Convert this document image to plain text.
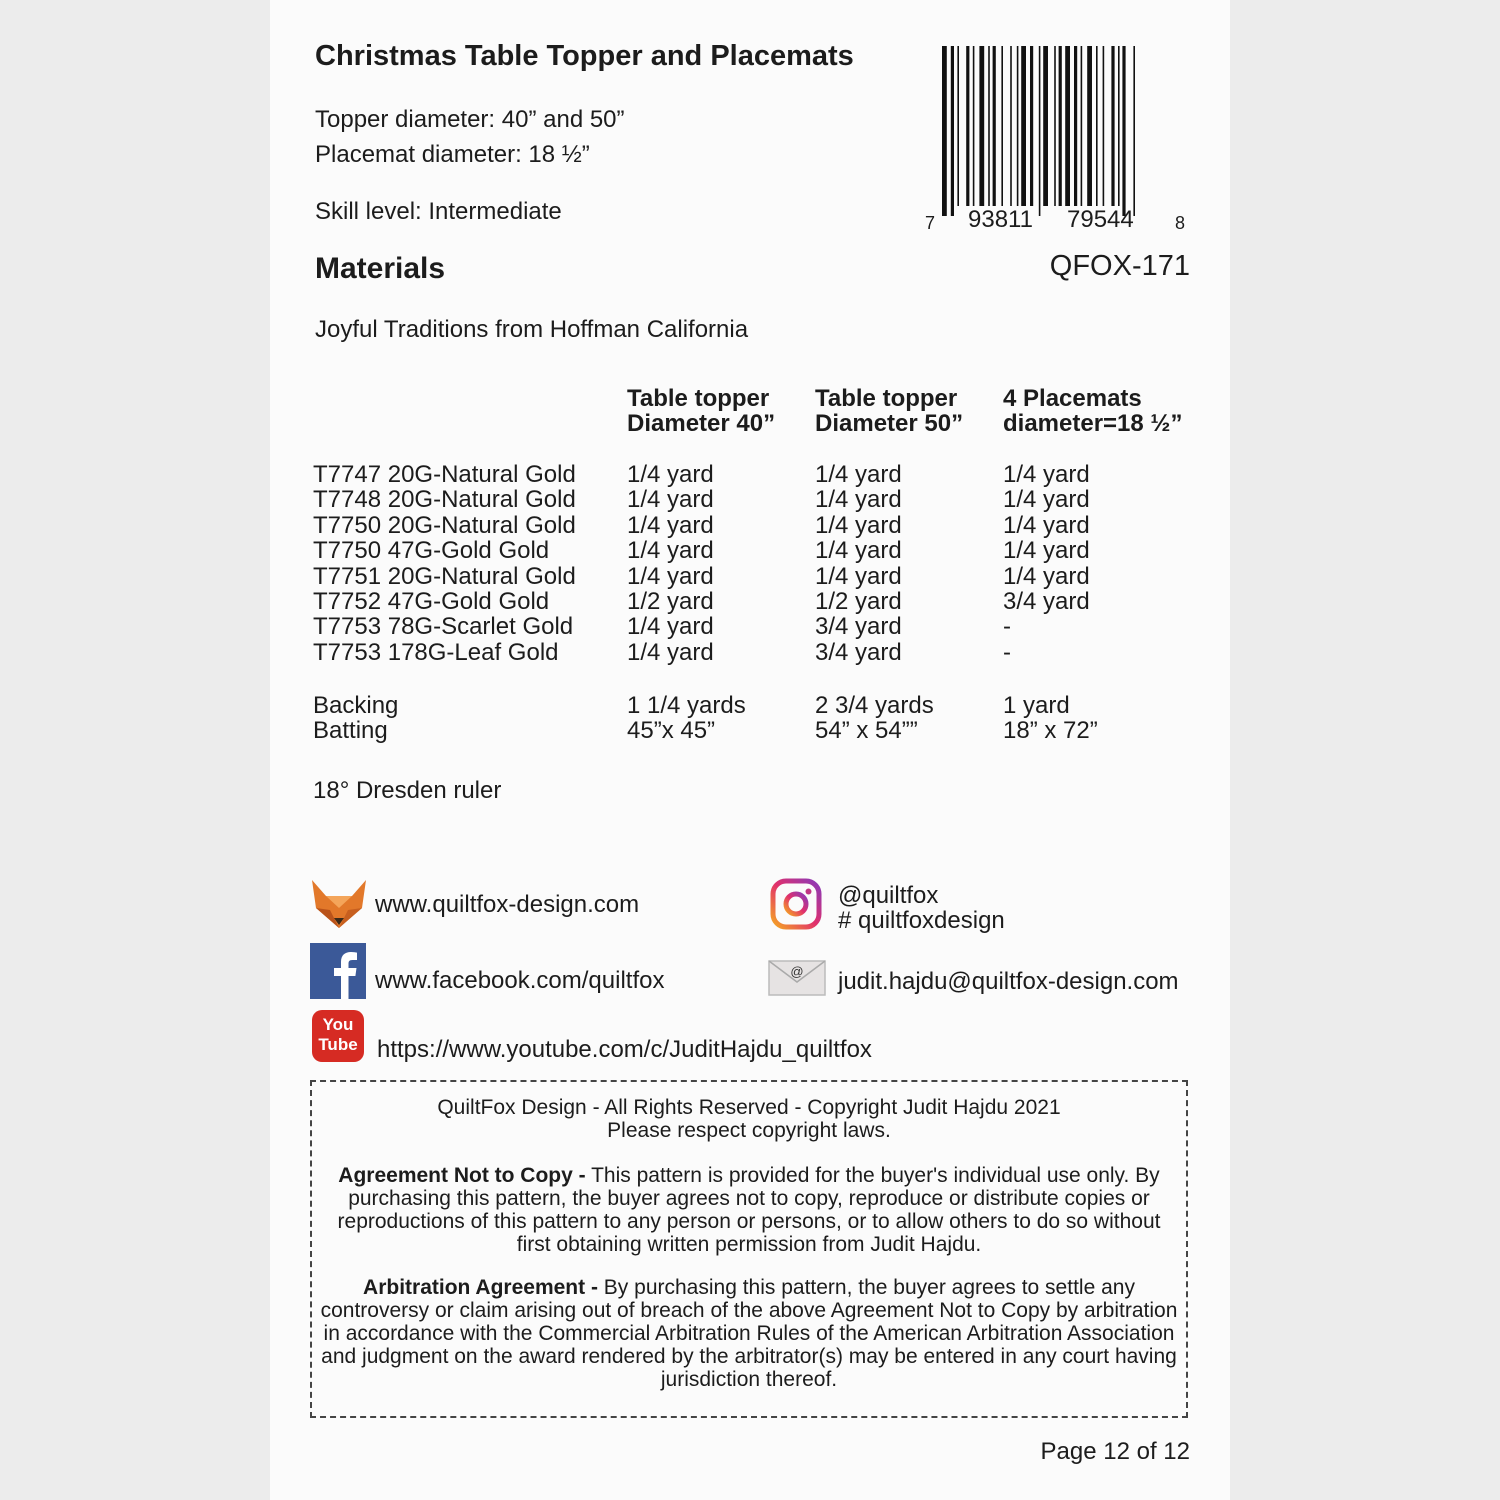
Christmas Table Topper and Placemats
Topper diameter: 40” and 50”
Placemat diameter: 18 ½”
Skill level: Intermediate	7 93811 79544 8
Materials	QFOX-171
Joyful Traditions from Hoffman California
Table topper
Diameter 40”
Table topper
Diameter 50”
4 Placemats
diameter=18 ½”
T7747 20G-Natural Gold
T7748 20G-Natural Gold
T7750 20G-Natural Gold
T7750 47G-Gold Gold
T7751 20G-Natural Gold
T7752 47G-Gold Gold
T7753 78G-Scarlet Gold
T7753 178G-Leaf Gold
1/4 yard
1/4 yard
1/4 yard
1/4 yard
1/4 yard
1/2 yard
1/4 yard
1/4 yard
1/4 yard
1/4 yard
1/4 yard
1/4 yard
1/4 yard
1/2 yard
3/4 yard
3/4 yard
1/4 yard
1/4 yard
1/4 yard
1/4 yard
1/4 yard
3/4 yard
-
-
Backing
Batting
1 1/4 yards
45”x 45”
2 3/4 yards
54” x 54””
1 yard
18” x 72”
18° Dresden ruler
www.quiltfox-design.com
www.facebook.com/quiltfox
You
Tube https://www.youtube.com/c/JuditHajdu_quiltfox
@quiltfox
# quiltfoxdesign
@ judit.hajdu@quiltfox-design.com

QuiltFox Design - All Rights Reserved - Copyright Judit Hajdu 2021
Please respect copyright laws.

Agreement Not to Copy - This pattern is provided for the buyer's individual use only. By purchasing this pattern, the buyer agrees not to copy, reproduce or distribute copies or reproductions of this pattern to any person or persons, or to allow others to do so without first obtaining written permission from Judit Hajdu.

Arbitration Agreement - By purchasing this pattern, the buyer agrees to settle any controversy or claim arising out of breach of the above Agreement Not to Copy by arbitration in accordance with the Commercial Arbitration Rules of the American Arbitration Association and judgment on the award rendered by the arbitrator(s) may be entered in any court having jurisdiction thereof.

Page 12 of 12
